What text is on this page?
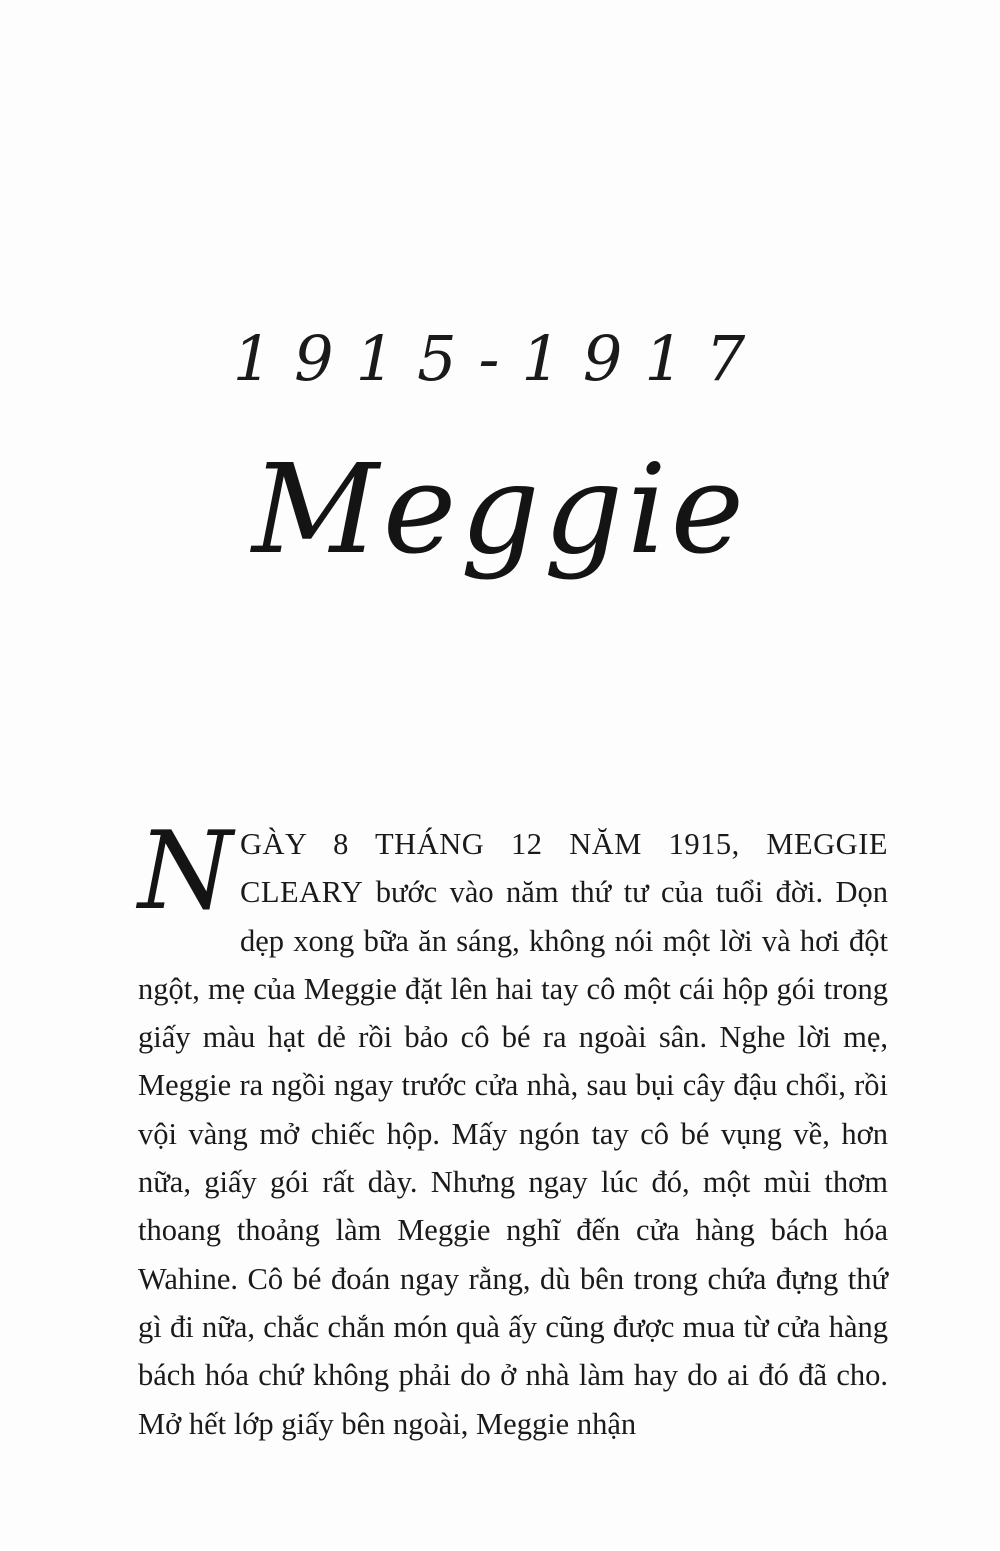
1915-1917
Meggie
N GÀY 8 THÁNG 12 NĂM 1915, MEGGIE CLEARY bước vào năm thứ tư của tuổi đời. Dọn dẹp xong bữa ăn sáng, không nói một lời và hơi đột ngột, mẹ của Meggie đặt lên hai tay cô một cái hộp gói trong giấy màu hạt dẻ rồi bảo cô bé ra ngoài sân. Nghe lời mẹ, Meggie ra ngồi ngay trước cửa nhà, sau bụi cây đậu chổi, rồi vội vàng mở chiếc hộp. Mấy ngón tay cô bé vụng về, hơn nữa, giấy gói rất dày. Nhưng ngay lúc đó, một mùi thơm thoang thoảng làm Meggie nghĩ đến cửa hàng bách hóa Wahine. Cô bé đoán ngay rằng, dù bên trong chứa đựng thứ gì đi nữa, chắc chắn món quà ấy cũng được mua từ cửa hàng bách hóa chứ không phải do ở nhà làm hay do ai đó đã cho. Mở hết lớp giấy bên ngoài, Meggie nhận
